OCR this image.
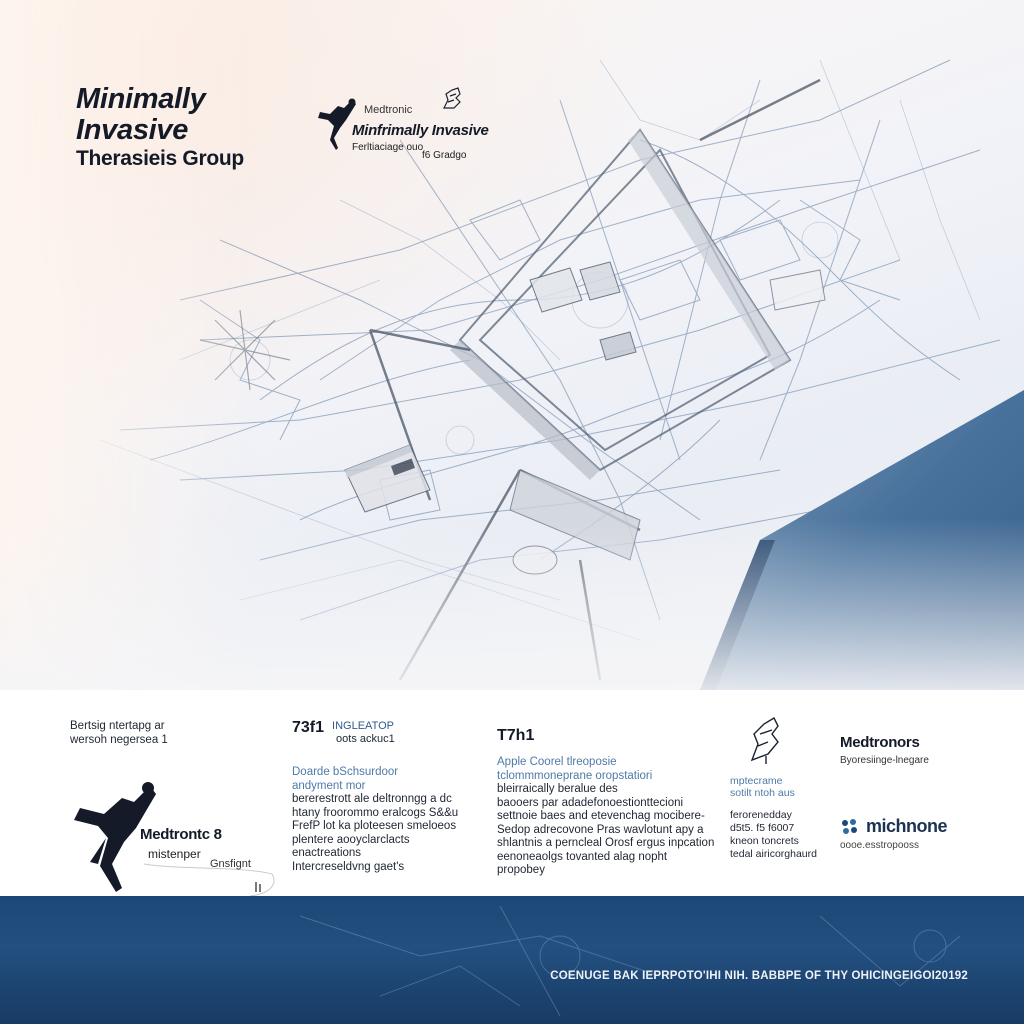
Minimally
Invasive
Therasieis Group
Medtronic
Minfrimally Invasive
Ferltiaciage ouo
f6 Gradgo
Bertsig ntertapg ar
wersoh negersea 1
Medtrontc 8
mistenper
Gnsfignt
73f1 INGLEATOP
oots ackuc1
Doarde bSchsurdoor
andyment mor
bererestrott ale deltronngg a dc
htany froorommo eralcogs S&&u
FrefP lot ka ploteesen smeloeos
plentere aooyclarclacts enactreations
Intercreseldvng gaet's
T7h1
Apple Coorel tlreoposie
tclommmoneprane oropstatiori
bleirraically beralue des
baooers par adadefonoestionttecioni
settnoie baes and etevenchag mocibere-
Sedop adrecovone Pras wavlotunt apy a
shlantnis a perncleal Orosf ergus inpcation
eenoneaolgs tovanted alag nopht propobey
mptecrame
sotilt ntoh aus
ferorenedday
d5t5. f5 f6007
kneon toncrets
tedal airicorghaurd
Medtronors
Byoresiinge-lnegare
michnone
oooe.esstropooss
COENUGE BAK IEPRPOTO'IHI NIH. BABBPE OF THY OHICINGEIGOI20192
